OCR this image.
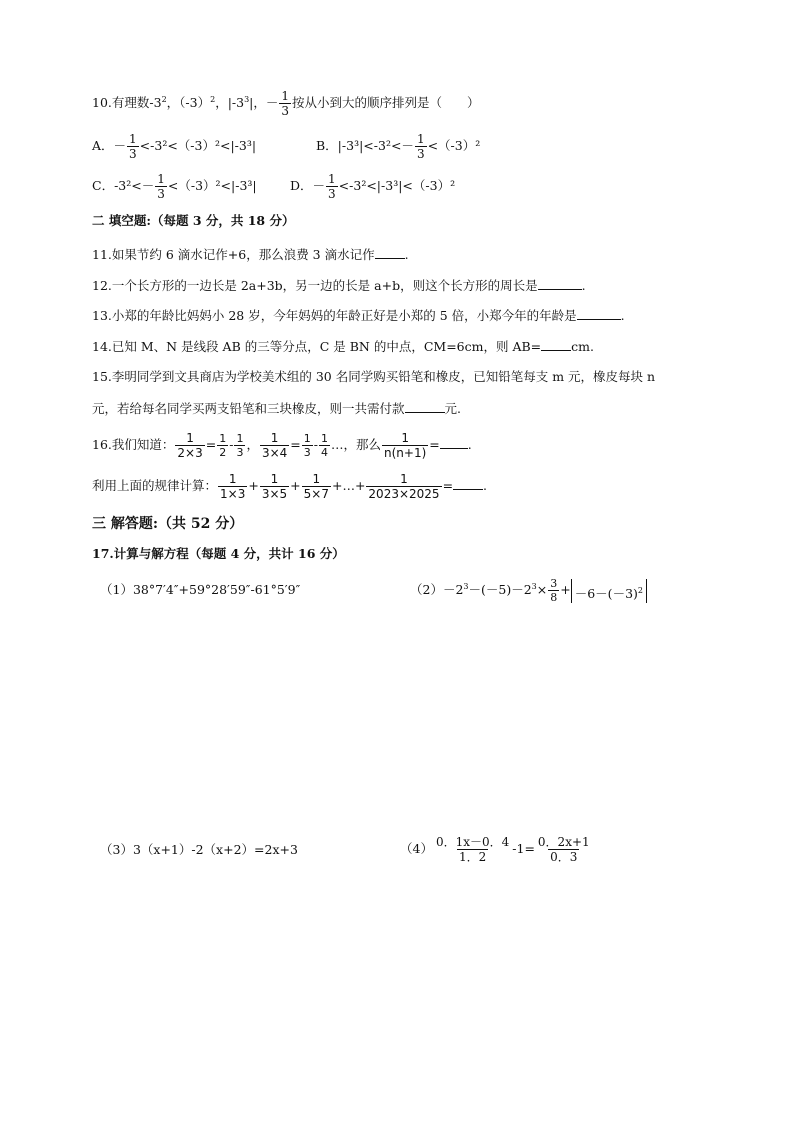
10.有理数$-3^2$，$(-3)^2$，$|-3^3|$，－ $\frac{1}{3}$ 按从小到大的顺序排列是（　　）
A．－ $\frac{1}{3} <-3^2<(-3)^2<|-3^3|$	B．$|-3^3|<-3^2<- \frac{1}{3} <(-3)^2$
C．$-3^2<- \frac{1}{3} <(-3)^2<|-3^3|$	D．－ $\frac{1}{3} <-3^2<|-3^3|<(-3)^2$
二 填空题:（每题 3 分，共 18 分）
11.如果节约 6 滴水记作+6，那么浪费 3 滴水记作 .
12.一个长方形的一边长是 2a+3b，另一边的长是 a+b，则这个长方形的周长是	.
13.小郑的年龄比妈妈小 28 岁，今年妈妈的年龄正好是小郑的 5 倍，小郑今年的年龄是	.
14.已知 M、N 是线段 AB 的三等分点，C 是 BN 的中点，CM=6cm，则 AB= cm.
15.李明同学到文具商店为学校美术组的 30 名同学购买铅笔和橡皮，已知铅笔每支 m 元，橡皮每块 n
元，若给每名同学买两支铅笔和三块橡皮，则一共需付款	元.
16.我们知道： $\frac{1}{2\times 3} = \frac{1}{2} - \frac{1}{3}$ ， $\frac{1}{3\times 4} = \frac{1}{3} - \frac{1}{4}$ …，那么 $\frac{1}{n(n+1)}$ = .
利用上面的规律计算： $\frac{1}{1\times 3} + \frac{1}{3\times 5} + \frac{1}{5\times 7}$ +…+ $\frac{1}{2023\times 2025}$ = .
三 解答题:（共 52 分）
17.计算与解方程（每题 4 分，共计 16 分）
（1）38°7′4″+59°28′59″-61°5′9″	$(2)-2^3-(-5)-2^3\times \frac{3}{8} + -6-(-3)^2$
（3）3（x+1）-2（x+2）=2x+3	$(4) \frac{0.1x-0.4}{1.2} -1= \frac{0.2x+1}{0.3}$
